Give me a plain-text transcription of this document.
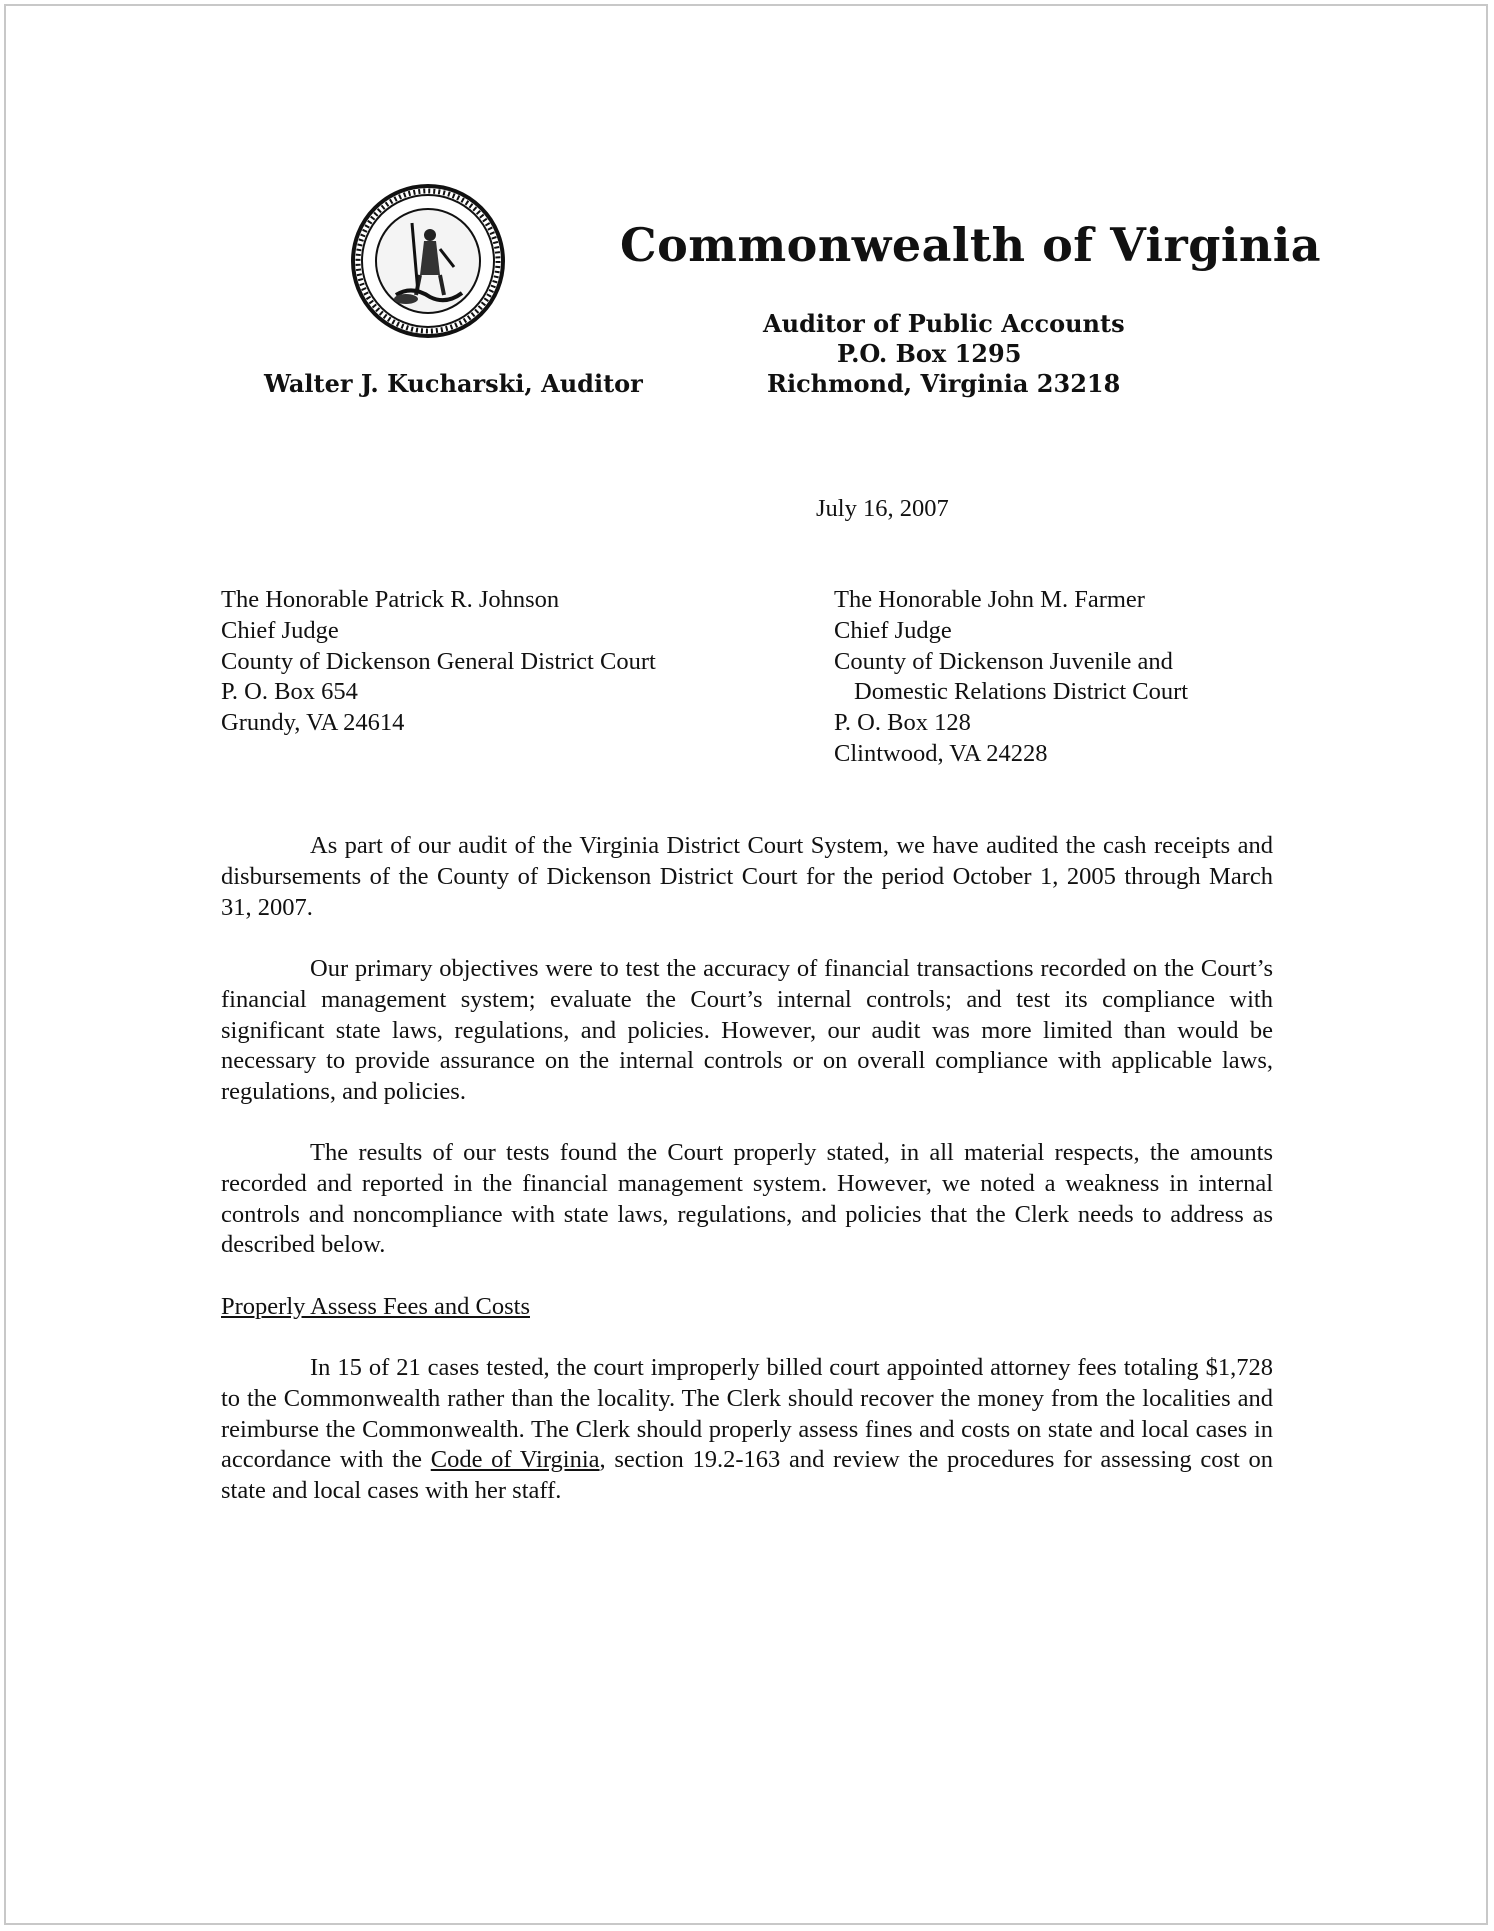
Commonwealth of Virginia
Auditor of Public Accounts
P.O. Box 1295
Richmond, Virginia 23218
Walter J. Kucharski, Auditor
July 16, 2007
The Honorable Patrick R. Johnson
Chief Judge
County of Dickenson General District Court
P. O. Box 654
Grundy, VA 24614
The Honorable John M. Farmer
Chief Judge
County of Dickenson Juvenile and
Domestic Relations District Court
P. O. Box 128
Clintwood, VA 24228
As part of our audit of the Virginia District Court System, we have audited the cash receipts and disbursements of the County of Dickenson District Court for the period October 1, 2005 through March 31, 2007.
Our primary objectives were to test the accuracy of financial transactions recorded on the Court’s financial management system; evaluate the Court’s internal controls; and test its compliance with significant state laws, regulations, and policies. However, our audit was more limited than would be necessary to provide assurance on the internal controls or on overall compliance with applicable laws, regulations, and policies.
The results of our tests found the Court properly stated, in all material respects, the amounts recorded and reported in the financial management system. However, we noted a weakness in internal controls and noncompliance with state laws, regulations, and policies that the Clerk needs to address as described below.
Properly Assess Fees and Costs
In 15 of 21 cases tested, the court improperly billed court appointed attorney fees totaling $1,728 to the Commonwealth rather than the locality. The Clerk should recover the money from the localities and reimburse the Commonwealth. The Clerk should properly assess fines and costs on state and local cases in accordance with the Code of Virginia, section 19.2-163 and review the procedures for assessing cost on state and local cases with her staff.
